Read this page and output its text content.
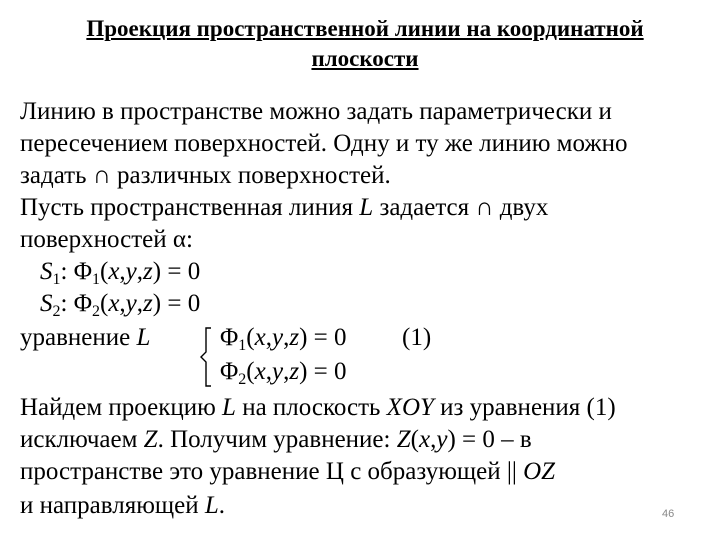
Проекция пространственной линии на координатной
плоскости
Линию в пространстве можно задать параметрически и
пересечением поверхностей. Одну и ту же линию можно
задать ∩ различных поверхностей.
Пусть пространственная линия L задается ∩ двух
поверхностей α:
$S_1$: $\Phi_1(x,y,z) = 0$
$S_2$: $\Phi_2(x,y,z) = 0$
уравнение L	$\Phi_1(x,y,z) = 0$ (1)
$\Phi_2(x,y,z) = 0$
Найдем проекцию L на плоскость XOY из уравнения (1)
исключаем Z. Получим уравнение: Z(x,y) = 0 – в
пространстве это уравнение Ц с образующей || OZ
и направляющей L.	46
